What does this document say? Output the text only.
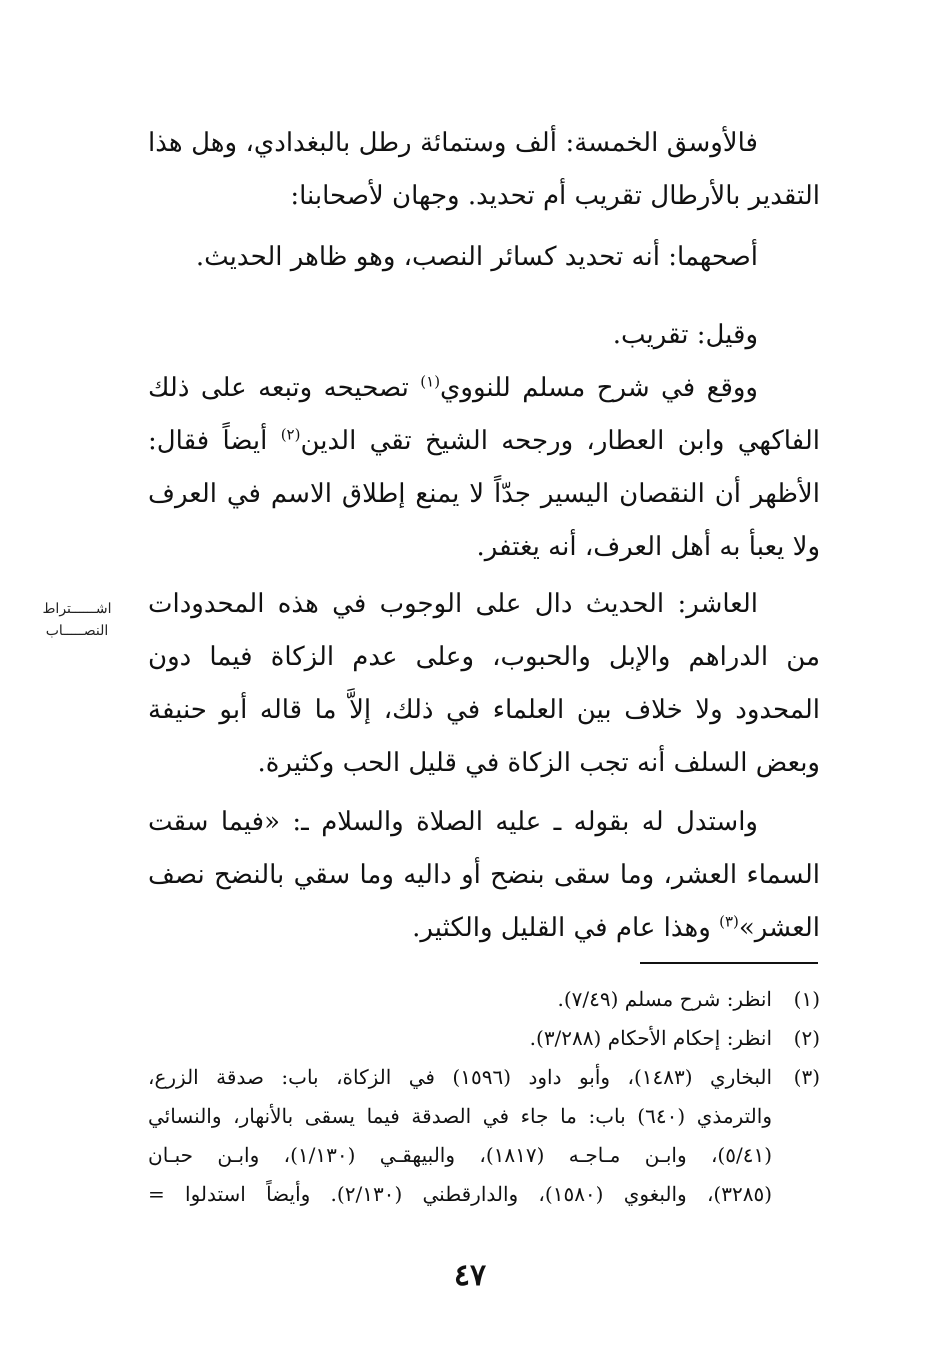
فالأوسق الخمسة: ألف وستمائة رطل بالبغدادي، وهل هذا التقدير بالأرطال تقريب أم تحديد. وجهان لأصحابنا:

أصحهما: أنه تحديد كسائر النصب، وهو ظاهر الحديث.

وقيل: تقريب.

ووقع في شرح مسلم للنووي$^{(١)}$ تصحيحه وتبعه على ذلك الفاكهي وابن العطار، ورجحه الشيخ تقي الدين$^{(٢)}$ أيضاً فقال: الأظهر أن النقصان اليسير جدّاً لا يمنع إطلاق الاسم في العرف ولا يعبأ به أهل العرف، أنه يغتفر.

العاشر: الحديث دال على الوجوب في هذه المحدودات من الدراهم والإبل والحبوب، وعلى عدم الزكاة فيما دون المحدود ولا خلاف بين العلماء في ذلك، إلاَّ ما قاله أبو حنيفة وبعض السلف أنه تجب الزكاة في قليل الحب وكثيرة.

اشــــــتراط
النصـــــاب

واستدل له بقوله ـ عليه الصلاة والسلام ـ: «فيما سقت السماء العشر، وما سقى بنضح أو داليه وما سقي بالنضح نصف العشر»$^{(٣)}$ وهذا عام في القليل والكثير.

(١)
انظر: شرح مسلم (٧/٤٩).
(٢)
انظر: إحكام الأحكام (٣/٢٨٨).
(٣)
البخاري (١٤٨٣)، وأبو داود (١٥٩٦) في الزكاة، باب: صدقة الزرع،
والترمذي (٦٤٠) باب: ما جاء في الصدقة فيما يسقى بالأنهار، والنسائي
(٥/٤١)، وابـن مـاجـه (١٨١٧)، والبيهقـي (١/١٣٠)، وابـن حبـان
(٣٢٨٥)، والبغوي (١٥٨٠)، والدارقطني (٢/١٣٠). وأيضاً استدلوا =
٤٧
